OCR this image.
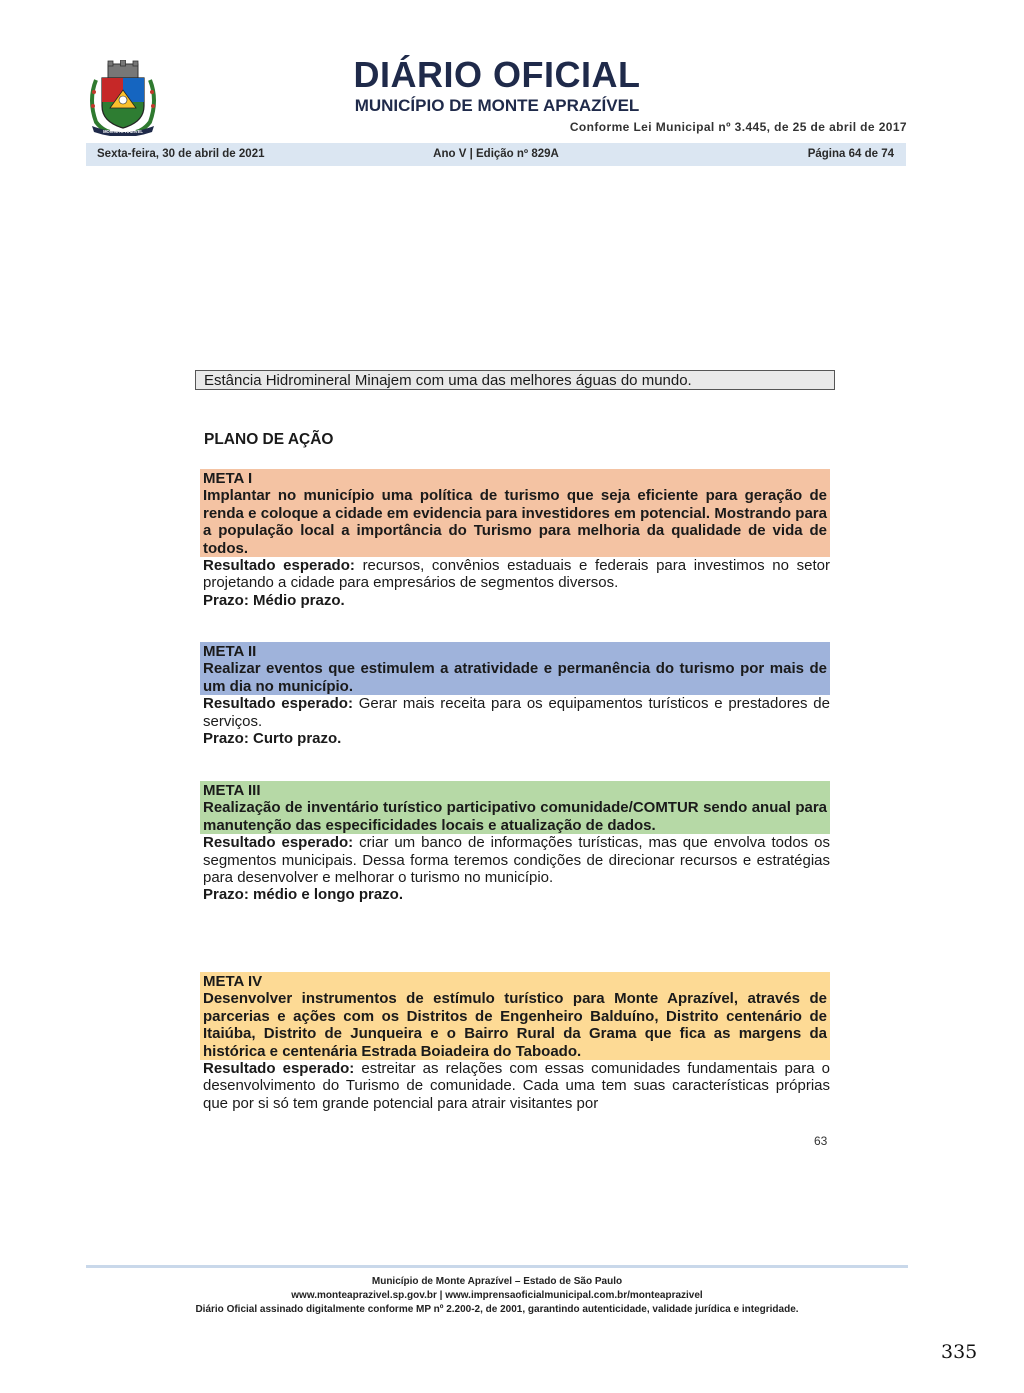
MONTE APRAZIVEL
DIÁRIO OFICIAL
MUNICÍPIO DE MONTE APRAZÍVEL
Conforme Lei Municipal nº 3.445, de 25 de abril de 2017
Sexta-feira, 30 de abril de 2021	Ano V | Edição nº 829A	Página 64 de 74
Estância Hidromineral Minajem com uma das melhores águas do mundo.
PLANO DE AÇÃO
META I
Implantar no município uma política de turismo que seja eficiente para geração de renda e coloque a cidade em evidencia para investidores em potencial. Mostrando para a população local a importância do Turismo para melhoria da qualidade de vida de todos.
Resultado esperado: recursos, convênios estaduais e federais para investimos no setor projetando a cidade para empresários de segmentos diversos.
Prazo: Médio prazo.
META II
Realizar eventos que estimulem a atratividade e permanência do turismo por mais de um dia no município.
Resultado esperado: Gerar mais receita para os equipamentos turísticos e prestadores de serviços.
Prazo: Curto prazo.
META III
Realização de inventário turístico participativo comunidade/COMTUR sendo anual para manutenção das especificidades locais e atualização de dados.
Resultado esperado: criar um banco de informações turísticas, mas que envolva todos os segmentos municipais. Dessa forma teremos condições de direcionar recursos e estratégias para desenvolver e melhorar o turismo no município.
Prazo: médio e longo prazo.
META IV
Desenvolver instrumentos de estímulo turístico para Monte Aprazível, através de parcerias e ações com os Distritos de Engenheiro Balduíno, Distrito centenário de Itaiúba, Distrito de Junqueira e o Bairro Rural da Grama que fica as margens da histórica e centenária Estrada Boiadeira do Taboado.
Resultado esperado: estreitar as relações com essas comunidades fundamentais para o desenvolvimento do Turismo de comunidade. Cada uma tem suas características próprias que por si só tem grande potencial para atrair visitantes por
63
Município de Monte Aprazível – Estado de São Paulo
www.monteaprazivel.sp.gov.br | www.imprensaoficialmunicipal.com.br/monteaprazivel
Diário Oficial assinado digitalmente conforme MP nº 2.200-2, de 2001, garantindo autenticidade, validade jurídica e integridade.
335
